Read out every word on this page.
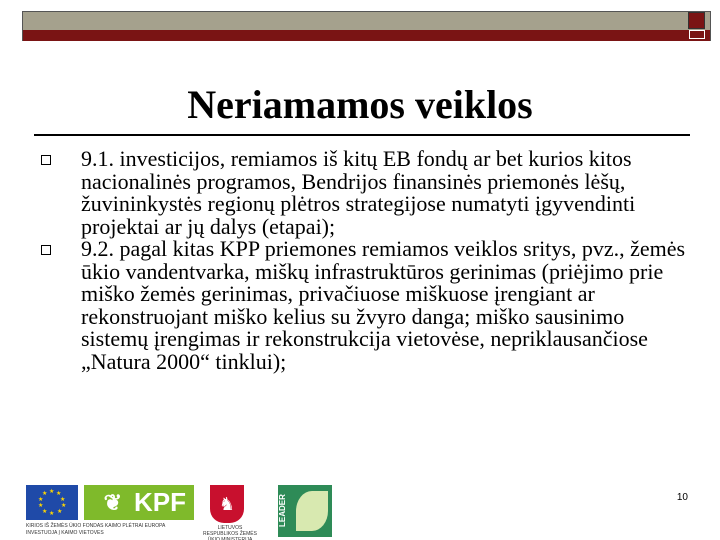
Neriamamos veiklos
9.1. investicijos, remiamos iš kitų EB fondų ar bet kurios kitos nacionalinės programos, Bendrijos finansinės priemonės lėšų, žuvininkystės regionų plėtros strategijose numatyti įgyvendinti projektai ar jų dalys (etapai);
9.2. pagal kitas KPP priemones remiamos veiklos sritys, pvz., žemės ūkio vandentvarka, miškų infrastruktūros gerinimas (priėjimo prie miško žemės gerinimas, privačiuose miškuose įrengiant ar rekonstruojant miško kelius su žvyro danga; miško sausinimo sistemų įrengimas ir rekonstrukcija vietovėse, nepriklausančiose „Natura 2000“ tinklui);
★ ★
★
★
★
★
★
★
★
★	❦ KPF
KIRIOS IŠ ŽEMĖS ŪKIO FONDAS KAIMO PLĖTRAI EUROPA INVESTUOJA Į KAIMO VIETOVES
♞
LIETUVOS RESPUBLIKOS ŽEMĖS ŪKIO MINISTERIJA
LEADER	10
